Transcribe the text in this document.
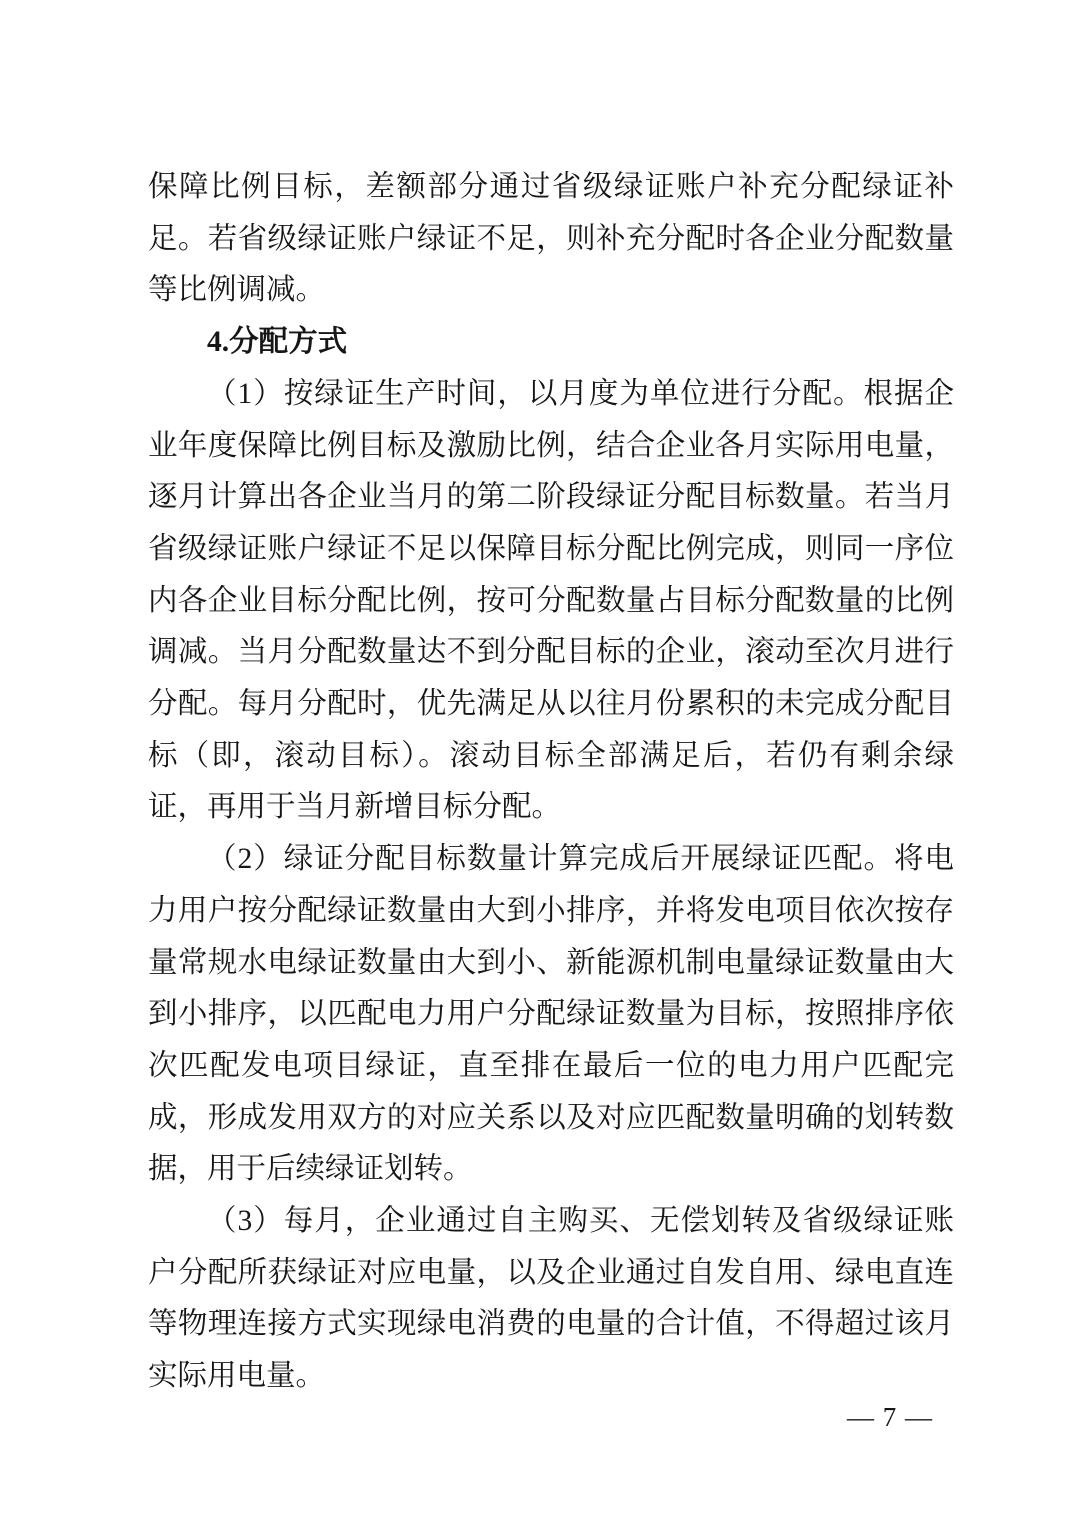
保障比例目标，差额部分通过省级绿证账户补充分配绿证补足。若省级绿证账户绿证不足，则补充分配时各企业分配数量等比例调减。

4.分配方式

（1）按绿证生产时间，以月度为单位进行分配。根据企业年度保障比例目标及激励比例，结合企业各月实际用电量，逐月计算出各企业当月的第二阶段绿证分配目标数量。若当月省级绿证账户绿证不足以保障目标分配比例完成，则同一序位内各企业目标分配比例，按可分配数量占目标分配数量的比例调减。当月分配数量达不到分配目标的企业，滚动至次月进行分配。每月分配时，优先满足从以往月份累积的未完成分配目标（即，滚动目标）。滚动目标全部满足后，若仍有剩余绿证，再用于当月新增目标分配。

（2）绿证分配目标数量计算完成后开展绿证匹配。将电力用户按分配绿证数量由大到小排序，并将发电项目依次按存量常规水电绿证数量由大到小、新能源机制电量绿证数量由大到小排序，以匹配电力用户分配绿证数量为目标，按照排序依次匹配发电项目绿证，直至排在最后一位的电力用户匹配完成，形成发用双方的对应关系以及对应匹配数量明确的划转数据，用于后续绿证划转。

（3）每月，企业通过自主购买、无偿划转及省级绿证账户分配所获绿证对应电量，以及企业通过自发自用、绿电直连等物理连接方式实现绿电消费的电量的合计值，不得超过该月实际用电量。

— 7 —
